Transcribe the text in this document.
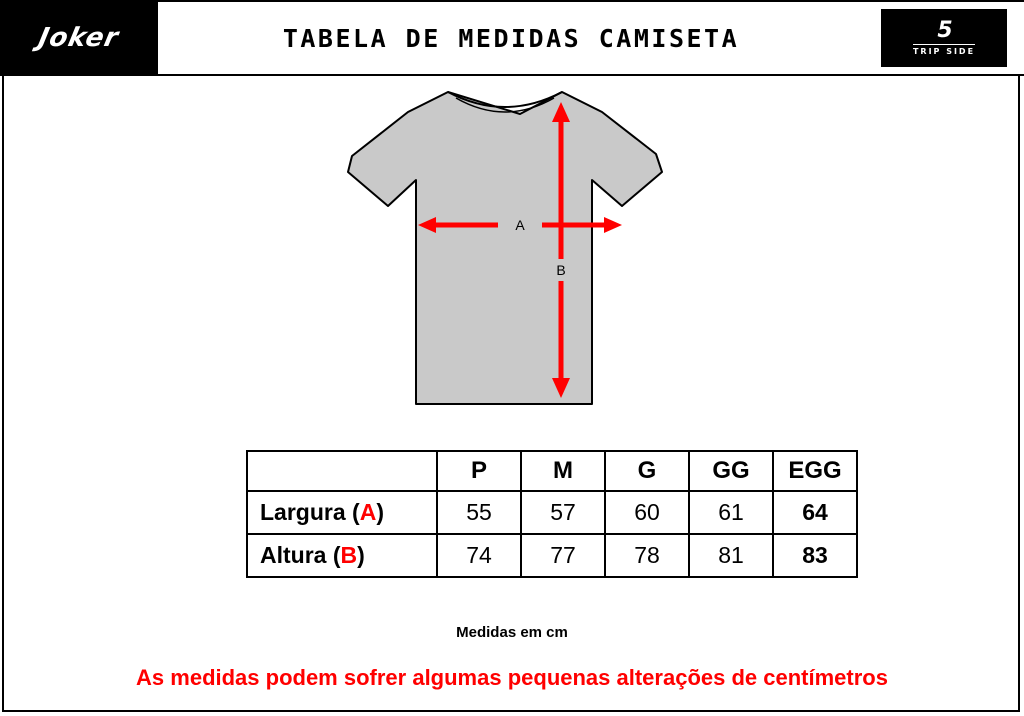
Joker	TABELA DE MEDIDAS CAMISETA	5
TRIP SIDE
A
B
	P	M	G	GG	EGG
Largura (A)	55	57	60	61	64
Altura (B)	74	77	78	81	83
Medidas em cm
As medidas podem sofrer algumas pequenas alterações de centímetros
